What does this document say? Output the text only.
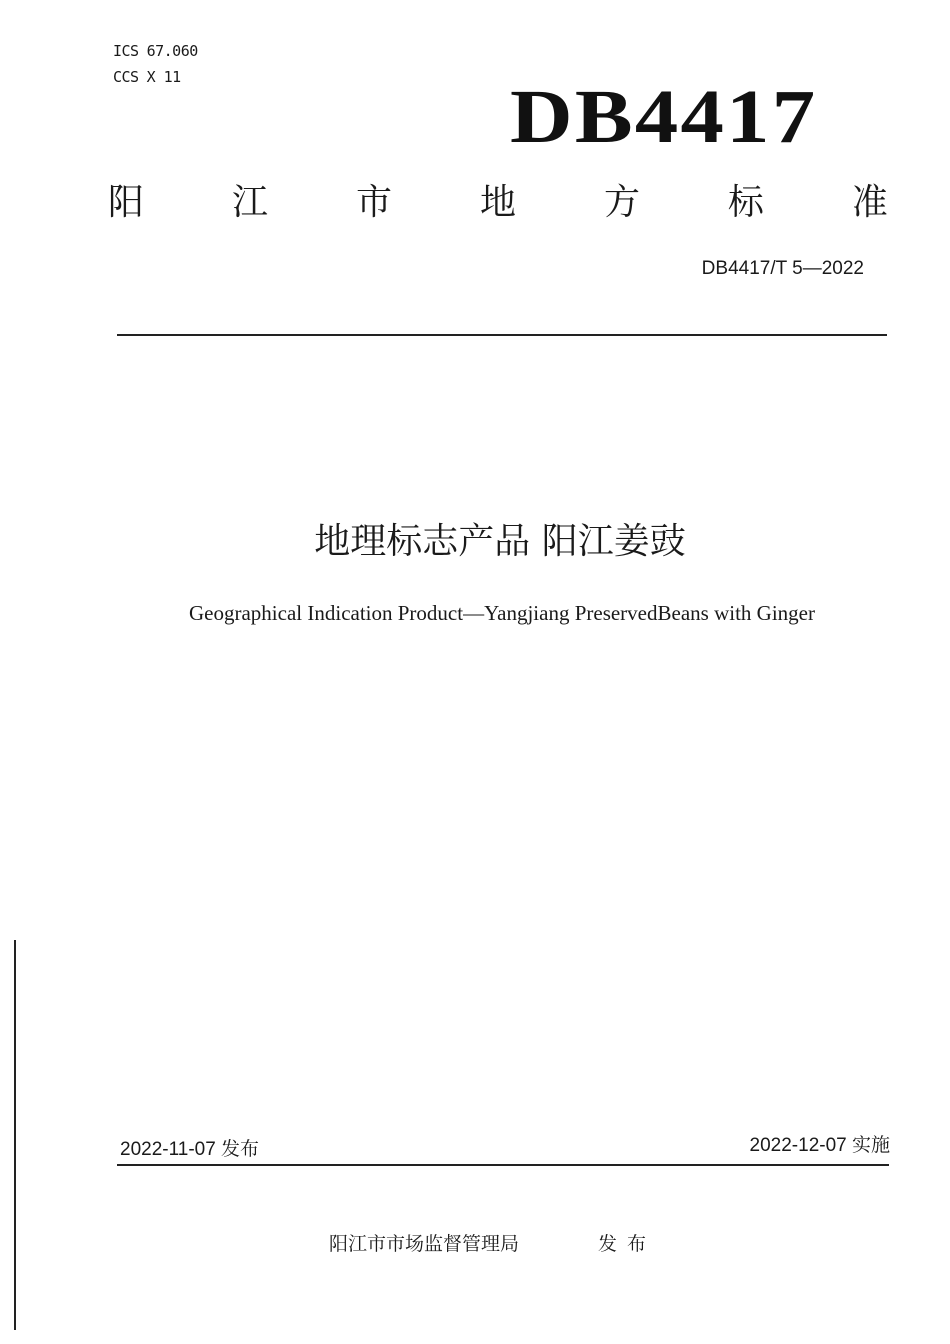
ICS 67.060
CCS X 11	DB4417
阳 江 市 地 方 标 准
DB4417/T 5—2022
地理标志产品 阳江姜豉
Geographical Indication Product—Yangjiang PreservedBeans with Ginger
2022-11-07 发布	2022-12-07 实施
阳江市市场监督管理局	发布
